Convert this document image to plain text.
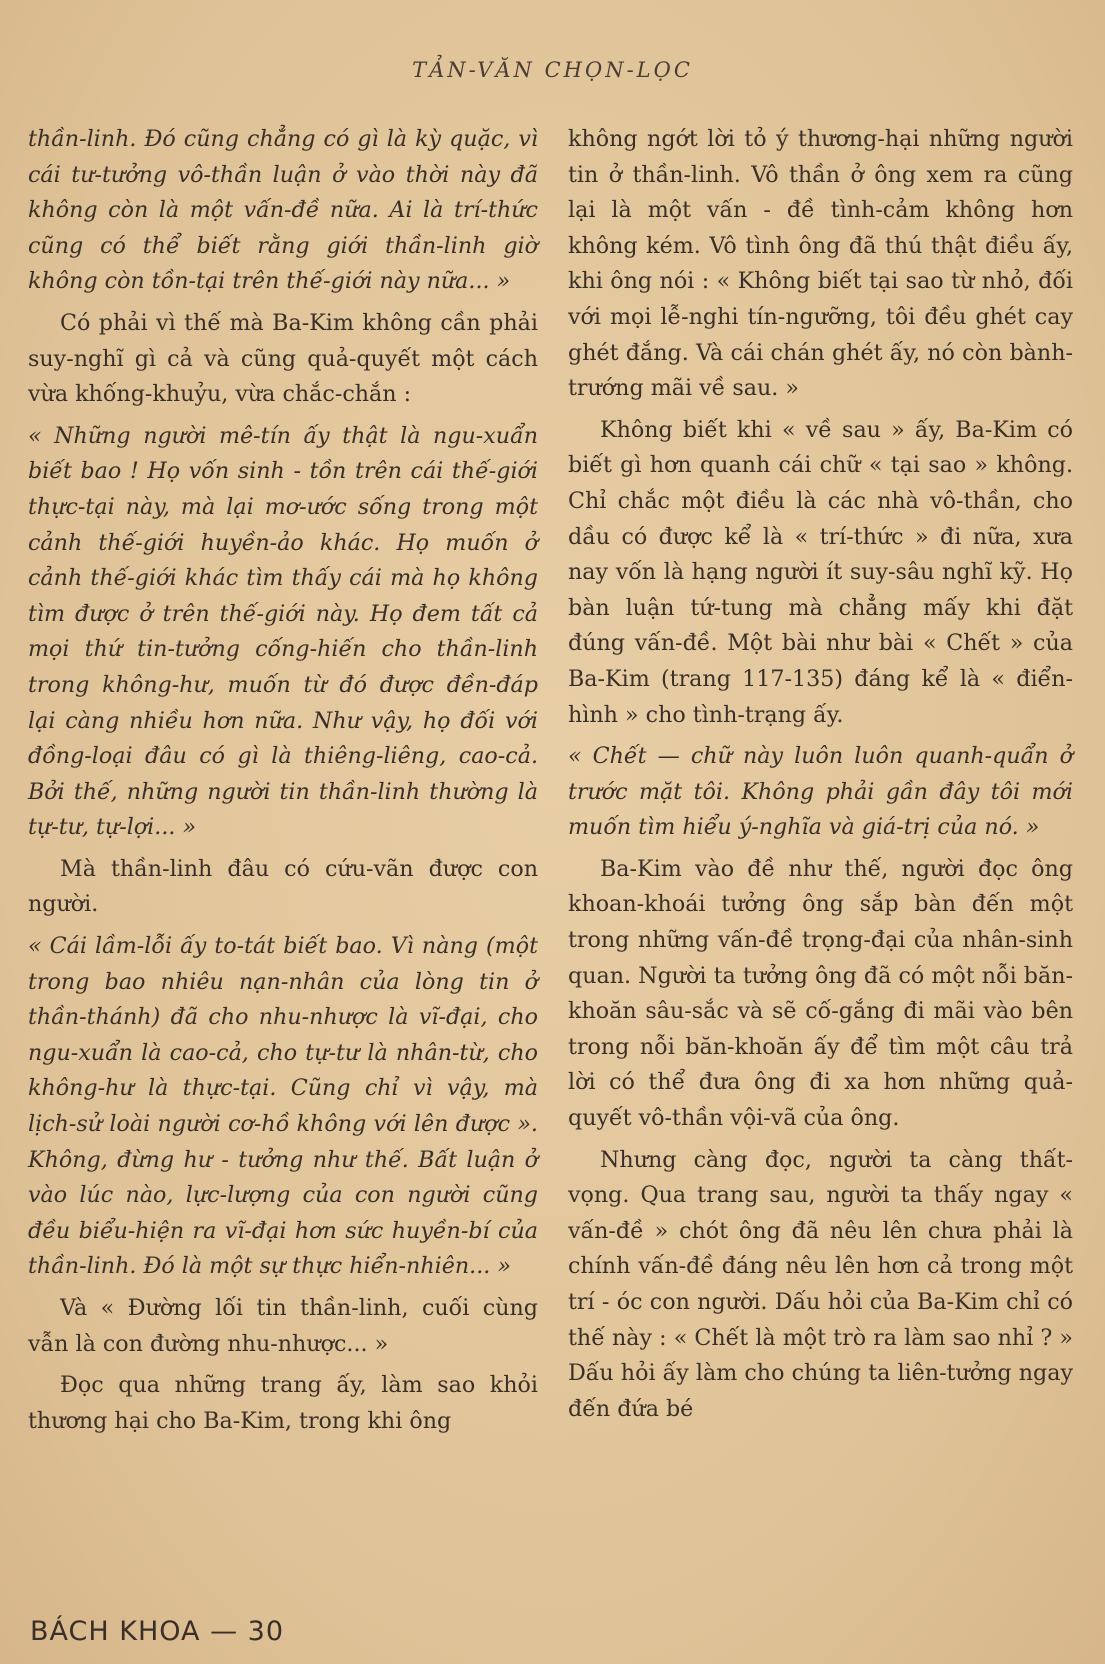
TẢN-VĂN CHỌN-LỌC

thần-linh. Đó cũng chẳng có gì là kỳ quặc, vì cái tư-tưởng vô-thần luận ở vào thời này đã không còn là một vấn-đề nữa. Ai là trí-thức cũng có thể biết rằng giới thần-linh giờ không còn tồn-tại trên thế-giới này nữa... »

Có phải vì thế mà Ba-Kim không cần phải suy-nghĩ gì cả và cũng quả-quyết một cách vừa khống-khuỷu, vừa chắc-chắn :

« Những người mê-tín ấy thật là ngu-xuẩn biết bao ! Họ vốn sinh - tồn trên cái thế-giới thực-tại này, mà lại mơ-ước sống trong một cảnh thế-giới huyền-ảo khác. Họ muốn ở cảnh thế-giới khác tìm thấy cái mà họ không tìm được ở trên thế-giới này. Họ đem tất cả mọi thứ tin-tưởng cống-hiến cho thần-linh trong không-hư, muốn từ đó được đền-đáp lại càng nhiều hơn nữa. Như vậy, họ đối với đồng-loại đâu có gì là thiêng-liêng, cao-cả. Bởi thế, những người tin thần-linh thường là tự-tư, tự-lợi... »

Mà thần-linh đâu có cứu-vãn được con người.

« Cái lầm-lỗi ấy to-tát biết bao. Vì nàng (một trong bao nhiêu nạn-nhân của lòng tin ở thần-thánh) đã cho nhu-nhược là vĩ-đại, cho ngu-xuẩn là cao-cả, cho tự-tư là nhân-từ, cho không-hư là thực-tại. Cũng chỉ vì vậy, mà lịch-sử loài người cơ-hồ không với lên được ». Không, đừng hư - tưởng như thế. Bất luận ở vào lúc nào, lực-lượng của con người cũng đều biểu-hiện ra vĩ-đại hơn sức huyền-bí của thần-linh. Đó là một sự thực hiển-nhiên... »

Và « Đường lối tin thần-linh, cuối cùng vẫn là con đường nhu-nhược... »

Đọc qua những trang ấy, làm sao khỏi thương hại cho Ba-Kim, trong khi ông

không ngớt lời tỏ ý thương-hại những người tin ở thần-linh. Vô thần ở ông xem ra cũng lại là một vấn - đề tình-cảm không hơn không kém. Vô tình ông đã thú thật điều ấy, khi ông nói : « Không biết tại sao từ nhỏ, đối với mọi lễ-nghi tín-ngưỡng, tôi đều ghét cay ghét đắng. Và cái chán ghét ấy, nó còn bành-trướng mãi về sau. »

Không biết khi « về sau » ấy, Ba-Kim có biết gì hơn quanh cái chữ « tại sao » không. Chỉ chắc một điều là các nhà vô-thần, cho dầu có được kể là « trí-thức » đi nữa, xưa nay vốn là hạng người ít suy-sâu nghĩ kỹ. Họ bàn luận tứ-tung mà chẳng mấy khi đặt đúng vấn-đề. Một bài như bài « Chết » của Ba-Kim (trang 117-135) đáng kể là « điển-hình » cho tình-trạng ấy.

« Chết — chữ này luôn luôn quanh-quẩn ở trước mặt tôi. Không phải gần đây tôi mới muốn tìm hiểu ý-nghĩa và giá-trị của nó. »

Ba-Kim vào đề như thế, người đọc ông khoan-khoái tưởng ông sắp bàn đến một trong những vấn-đề trọng-đại của nhân-sinh quan. Người ta tưởng ông đã có một nỗi băn-khoăn sâu-sắc và sẽ cố-gắng đi mãi vào bên trong nỗi băn-khoăn ấy để tìm một câu trả lời có thể đưa ông đi xa hơn những quả-quyết vô-thần vội-vã của ông.

Nhưng càng đọc, người ta càng thất-vọng. Qua trang sau, người ta thấy ngay « vấn-đề » chót ông đã nêu lên chưa phải là chính vấn-đề đáng nêu lên hơn cả trong một trí - óc con người. Dấu hỏi của Ba-Kim chỉ có thế này : « Chết là một trò ra làm sao nhỉ ? » Dấu hỏi ấy làm cho chúng ta liên-tưởng ngay đến đứa bé

BÁCH KHOA — 30
